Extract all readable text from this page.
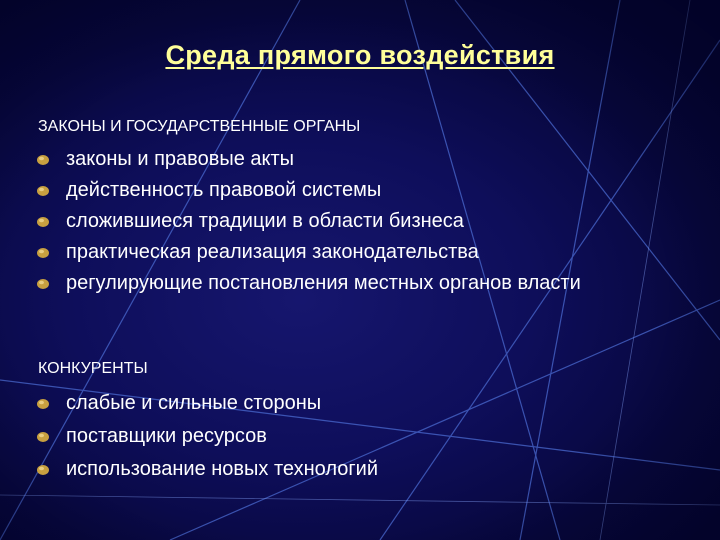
Среда прямого воздействия
ЗАКОНЫ И ГОСУДАРСТВЕННЫЕ ОРГАНЫ
законы и правовые акты
действенность правовой системы
сложившиеся традиции в области бизнеса
практическая реализация законодательства
регулирующие постановления местных органов власти
КОНКУРЕНТЫ
слабые и сильные стороны
поставщики ресурсов
использование новых технологий
